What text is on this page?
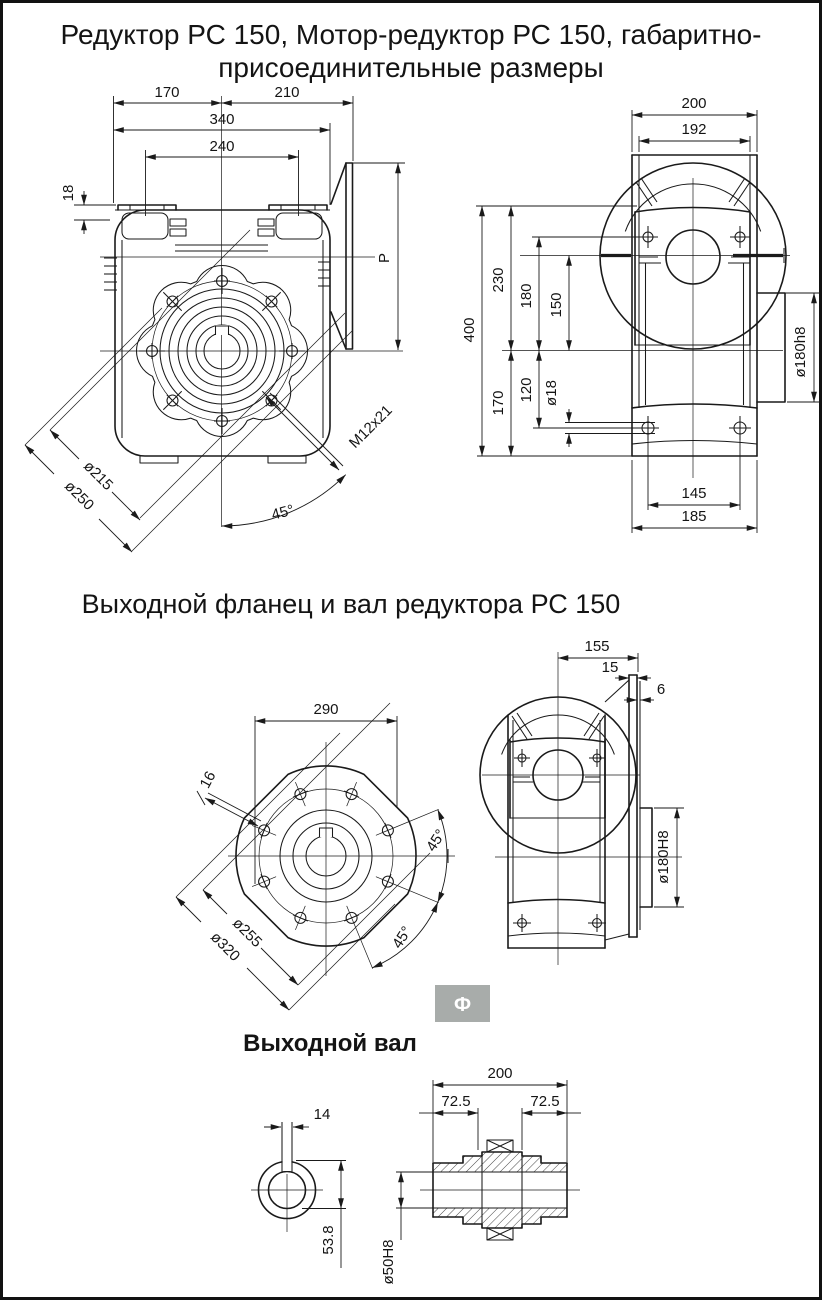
Редуктор РС 150, Мотор-редуктор РС 150, габаритно-
присоединительные размеры
170	210
340
240
18
P
ø215
ø250	45°
M12x21
200
192
400
230
180 150
170
120 ø18
ø180h8
145
185
Выходной фланец и вал редуктора РС 150
290
16
ø255
ø320
45°
45°
155
15
6
ø180H8
Ф
Выходной вал
14
53.8
200
72.5	72.5
ø50H8
